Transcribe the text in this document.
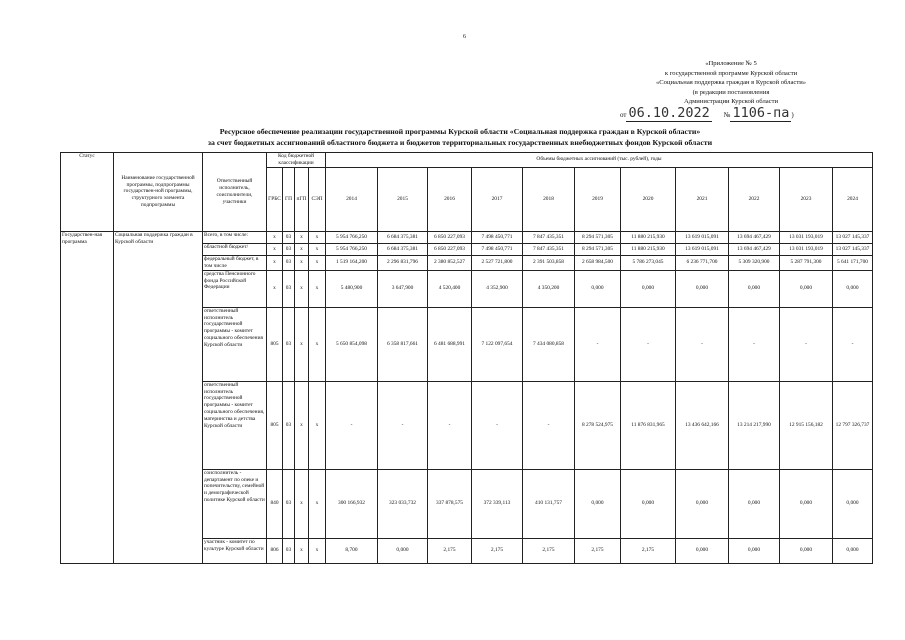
6
«Приложение № 5
к государственной программе Курской области
«Социальная поддержка граждан в Курской области»
(в редакции постановления
Администрации Курской области
от 06.10.2022 № 1106-па )
Ресурсное обеспечение реализации государственной программы Курской области «Социальная поддержка граждан в Курской области»
за счет бюджетных ассигнований областного бюджета и бюджетов территориальных государственных внебюджетных фондов Курской области
Статус	Наименование государственной программы, подпрограммы государствен-ной программы, структурного элемента подпрограммы	Ответственный исполнитель, соисполнители, участники	Код бюджетной классификации				Объемы бюджетных ассигнований (тыс. рублей), годы										
			ГРБС	ГП	пГП	СЭП	2014	2015	2016	2017	2018	2019	2020	2021	2022	2023	2024
Государствен-ная программа	Социальная поддержка граждан в Курской области	Всего, в том числе:	x	03	x	x	5 954 766,250	6 684 375,381	6 850 227,093	7 498 450,771	7 847 435,351	8 294 571,305	11 880 215,930	13 619 015,091	13 694 467,429	13 031 193,019	13 027 145,337
		областной бюджет/	x	03	x	x	5 954 766,250	6 684 375,381	6 850 227,093	7 498 450,771	7 847 435,351	8 294 571,305	11 880 215,930	13 619 015,091	13 694 467,429	13 031 193,019	13 027 145,337
		федеральный бюджет, в том числе	x	03	x	x	1 519 164,200	2 296 831,796	2 380 852,527	2 527 721,800	2 391 503,858	2 658 984,500	5 786 273,045	6 236 771,700	5 309 320,900	5 287 791,300	5 641 171,700
		средства Пенсионного фонда Российской Федерации	x	03	x	x	5 480,900	3 647,900	4 520,400	4 352,900	4 350,200	0,000	0,000	0,000	0,000	0,000	0,000
		ответственный исполнитель государственной программы - комитет социального обеспечения Курской области	805	03	x	x	5 650 854,098	6 358 817,661	6 481 688,991	7 122 097,654	7 434 080,858	-	-	-	-	-	-
		ответственный исполнитель государственной программы - комитет социального обеспечения, материнства и детства Курской области	805	03	x	x	-	-	-	-	-	8 278 524,975	11 876 831,965	13 436 642,166	13 214 217,990	12 915 156,182	12 797 326,737
		соисполнитель - департамент по опеке и попечительству, семейной и демографической политике Курской области	840	03	x	x	300 166,932	323 033,732	337 878,575	372 339,113	410 131,757	0,000	0,000	0,000	0,000	0,000	0,000
		участник - комитет по культуре Курской области	806	03	x	x	8,700	0,000	2,175	2,175	2,175	2,175	2,175	0,000	0,000	0,000	0,000
